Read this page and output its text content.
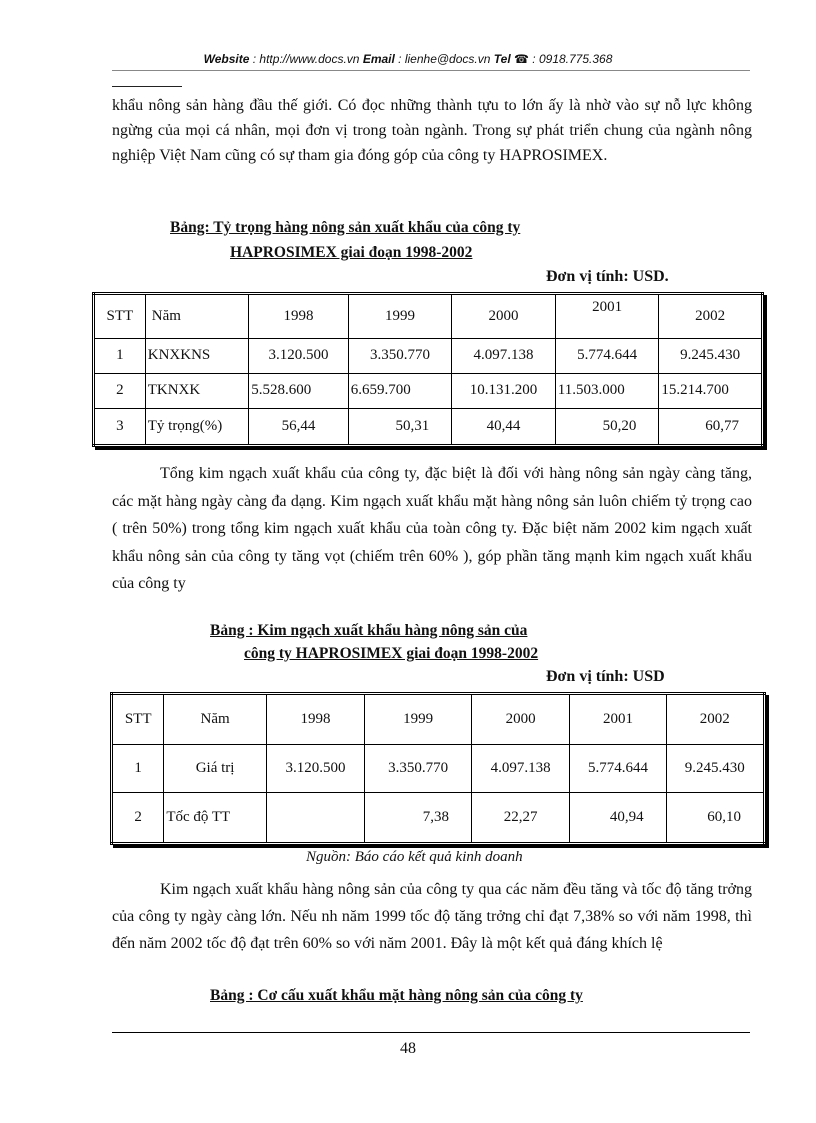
Website : http://www.docs.vn Email : lienhe@docs.vn Tel ☎ : 0918.775.368

khẩu nông sản hàng đầu thế giới. Có đọc những thành tựu to lớn ấy là nhờ vào sự nỗ lực không ngừng của mọi cá nhân, mọi đơn vị trong toàn ngành. Trong sự phát triển chung của ngành nông nghiệp Việt Nam cũng có sự tham gia đóng góp của công ty HAPROSIMEX.

Bảng: Tỷ trọng hàng nông sản xuất khẩu của công ty
HAPROSIMEX giai đoạn 1998-2002
Đơn vị tính: USD.
STT	Năm	1998	1999	2000	2001	2002
1	KNXKNS	3.120.500	3.350.770	4.097.138	5.774.644	9.245.430
2	TKNXK	5.528.600	6.659.700	10.131.200	11.503.000	15.214.700
3	Tỷ trọng(%)	56,44	50,31	40,44	50,20	60,77

Tổng kim ngạch xuất khẩu của công ty, đặc biệt là đối với hàng nông sản ngày càng tăng, các mặt hàng ngày càng đa dạng. Kim ngạch xuất khẩu mặt hàng nông sản luôn chiếm tỷ trọng cao ( trên 50%) trong tổng kim ngạch xuất khẩu của toàn công ty. Đặc biệt năm 2002 kim ngạch xuất khẩu nông sản của công ty tăng vọt (chiếm trên 60% ), góp phần tăng mạnh kim ngạch xuất khẩu của công ty

Bảng : Kim ngạch xuất khẩu hàng nông sản của
công ty HAPROSIMEX giai đoạn 1998-2002
Đơn vị tính: USD
STT	Năm	1998	1999	2000	2001	2002
1	Giá trị	3.120.500	3.350.770	4.097.138	5.774.644	9.245.430
2	Tốc độ TT		7,38	22,27	40,94	60,10
Nguồn: Báo cáo kết quả kinh doanh

Kim ngạch xuất khẩu hàng nông sản của công ty qua các năm đều tăng và tốc độ tăng trởng của công ty ngày càng lớn. Nếu nh năm 1999 tốc độ tăng trởng chỉ đạt 7,38% so với năm 1998, thì đến năm 2002 tốc độ đạt trên 60% so với năm 2001. Đây là một kết quả đáng khích lệ

Bảng : Cơ cấu xuất khẩu mặt hàng nông sản của công ty
48
